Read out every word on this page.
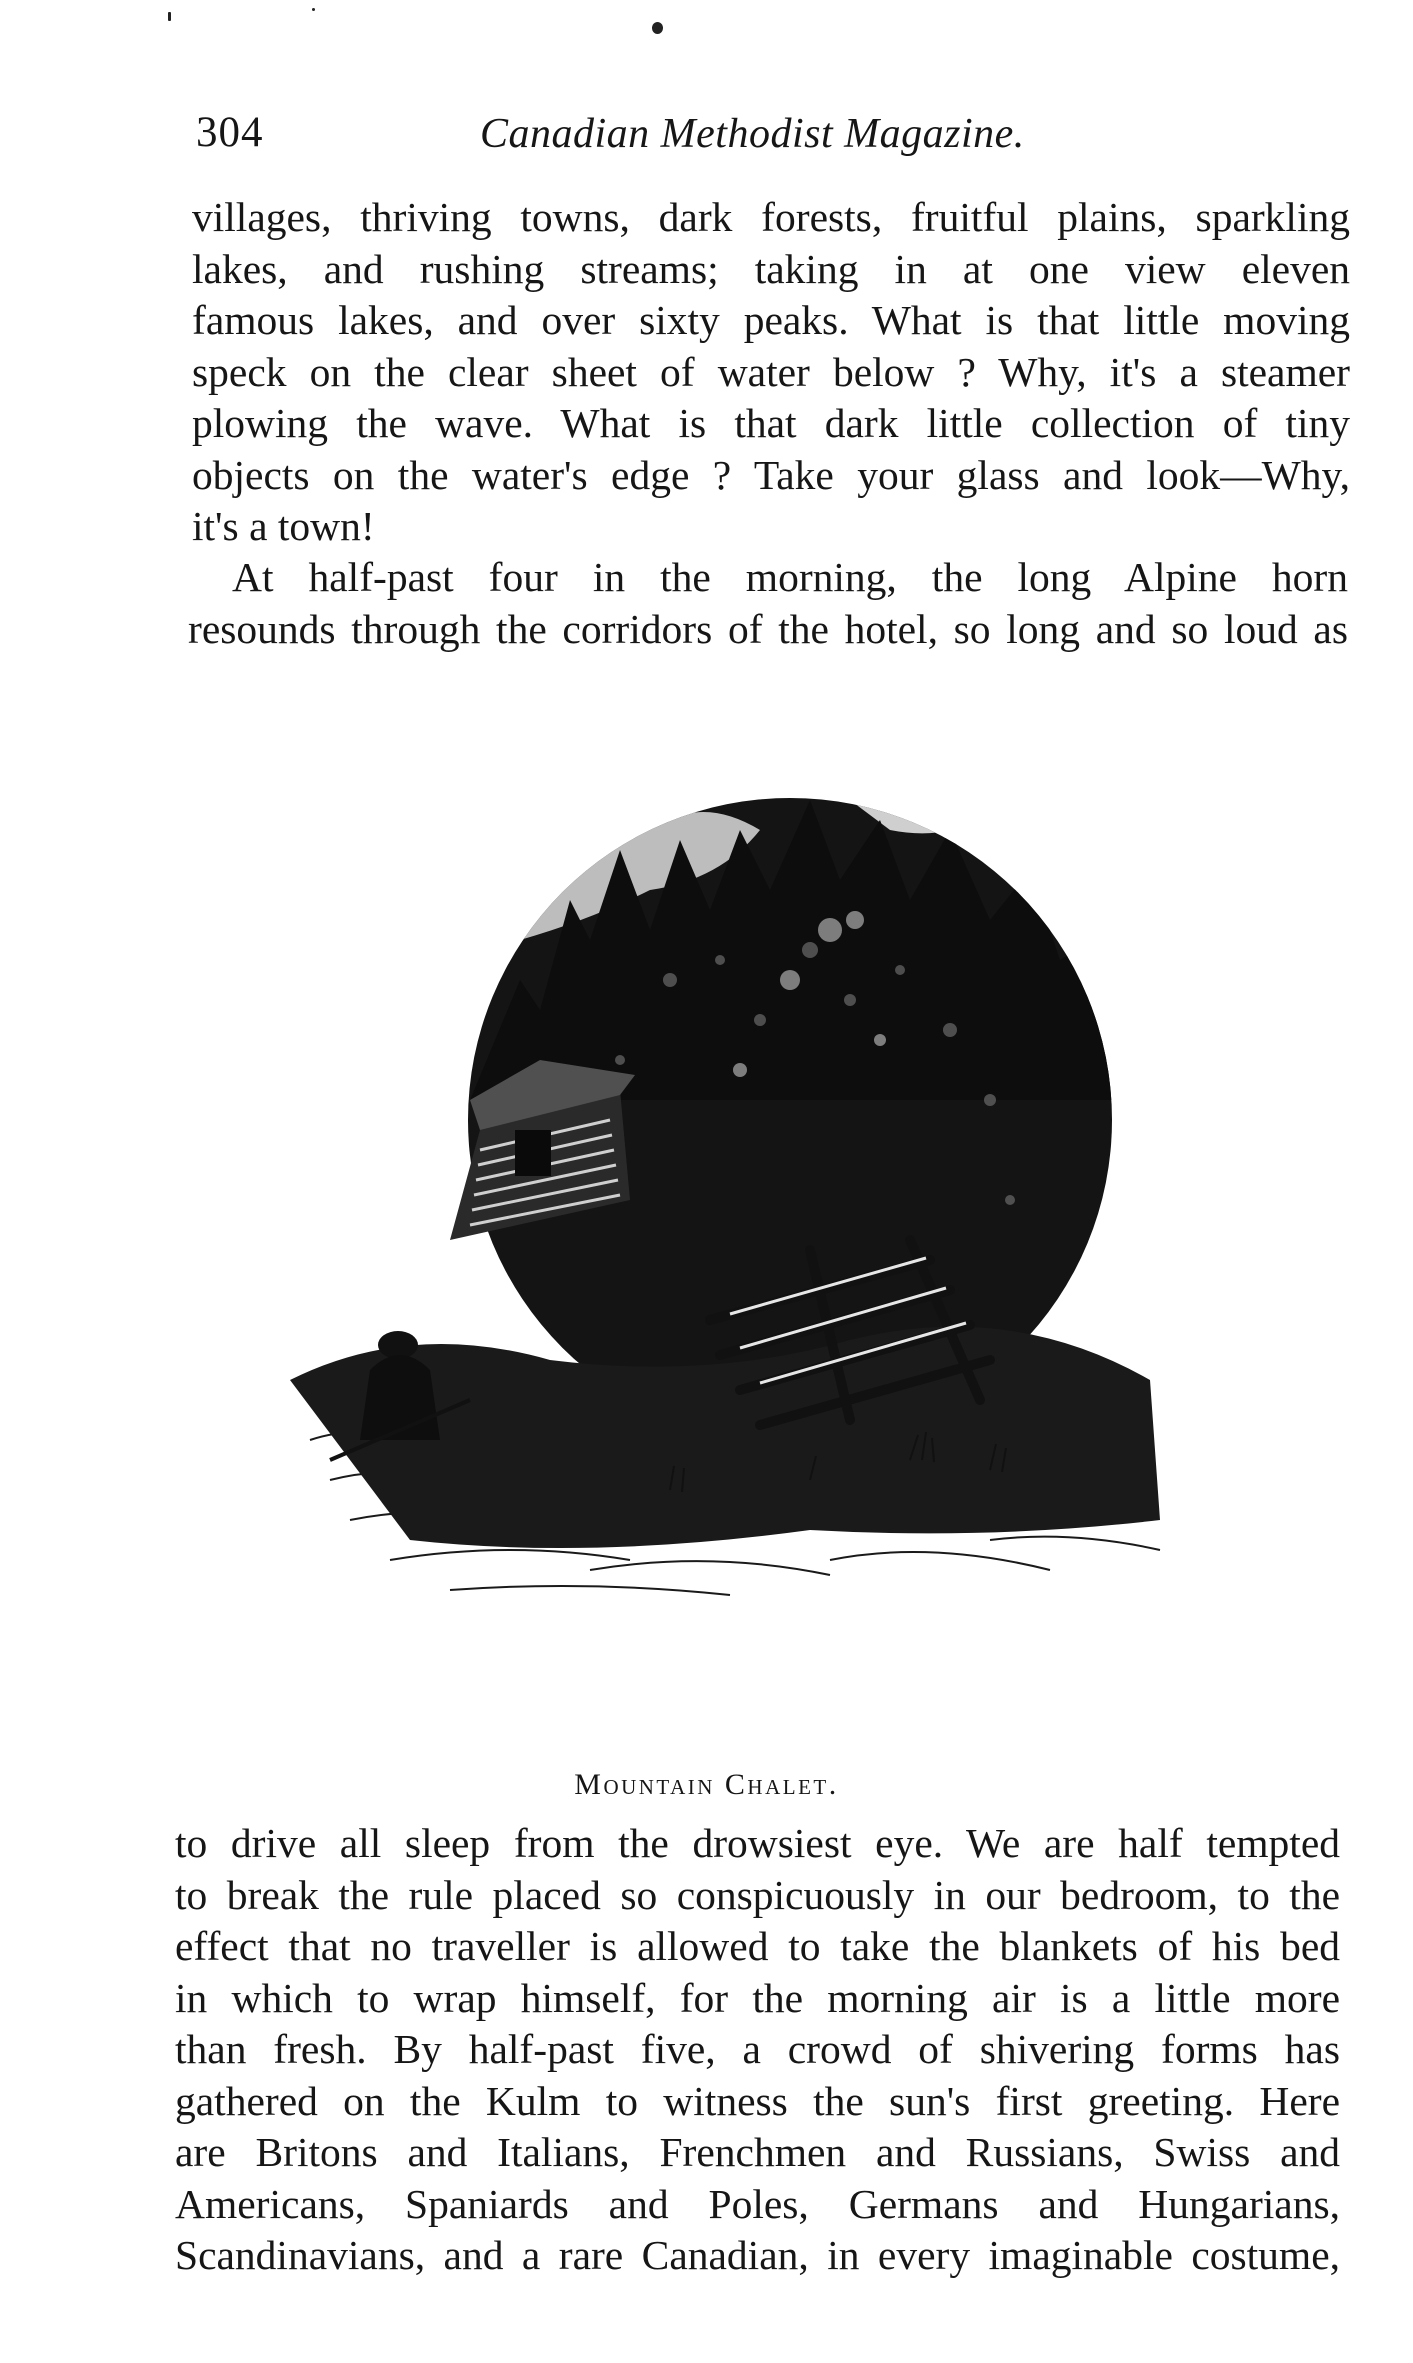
304	Canadian Methodist Magazine.
villages, thriving towns, dark forests, fruitful plains, sparkling
lakes, and rushing streams; taking in at one view eleven
famous lakes, and over sixty peaks. What is that little moving
speck on the clear sheet of water below ? Why, it's a steamer
plowing the wave. What is that dark little collection of tiny
objects on the water's edge ? Take your glass and look—Why,
it's a town!
At half-past four in the morning, the long Alpine horn
resounds through the corridors of the hotel, so long and so loud as
Mountain Chalet.
to drive all sleep from the drowsiest eye. We are half tempted
to break the rule placed so conspicuously in our bedroom, to the
effect that no traveller is allowed to take the blankets of his bed
in which to wrap himself, for the morning air is a little more
than fresh. By half-past five, a crowd of shivering forms has
gathered on the Kulm to witness the sun's first greeting. Here
are Britons and Italians, Frenchmen and Russians, Swiss and
Americans, Spaniards and Poles, Germans and Hungarians,
Scandinavians, and a rare Canadian, in every imaginable costume,
